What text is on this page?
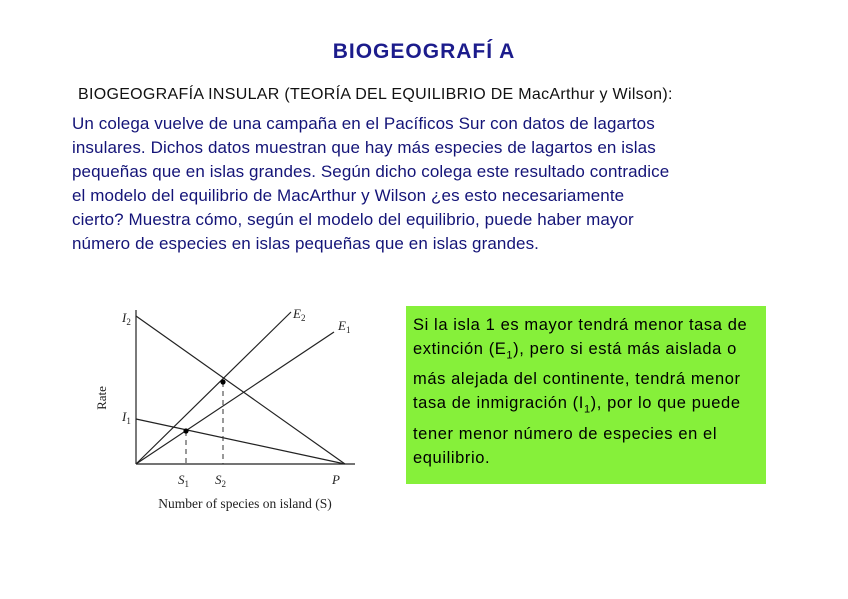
BIOGEOGRAFÍ A
BIOGEOGRAFÍA INSULAR (TEORÍA DEL EQUILIBRIO DE MacArthur y Wilson):
Un colega vuelve de una campaña en el Pacíficos Sur con datos de lagartos
insulares. Dichos datos muestran que hay más especies de lagartos en islas
pequeñas que en islas grandes. Según dicho colega este resultado contradice
el modelo del equilibrio de MacArthur y Wilson ¿es esto necesariamente
cierto? Muestra cómo, según el modelo del equilibrio, puede haber mayor
número de especies en islas pequeñas que en islas grandes.
$I_2$
$I_1$
$E_2$	$E_1$
$S_1$ $S_2$	P
Rate
Number of species on island (S)
Si la isla 1 es mayor tendrá menor tasa de extinción $(E_1)$, pero si está más aislada o más alejada del continente, tendrá menor tasa de inmigración $(I_1)$, por lo que puede tener menor número de especies en el equilibrio.
